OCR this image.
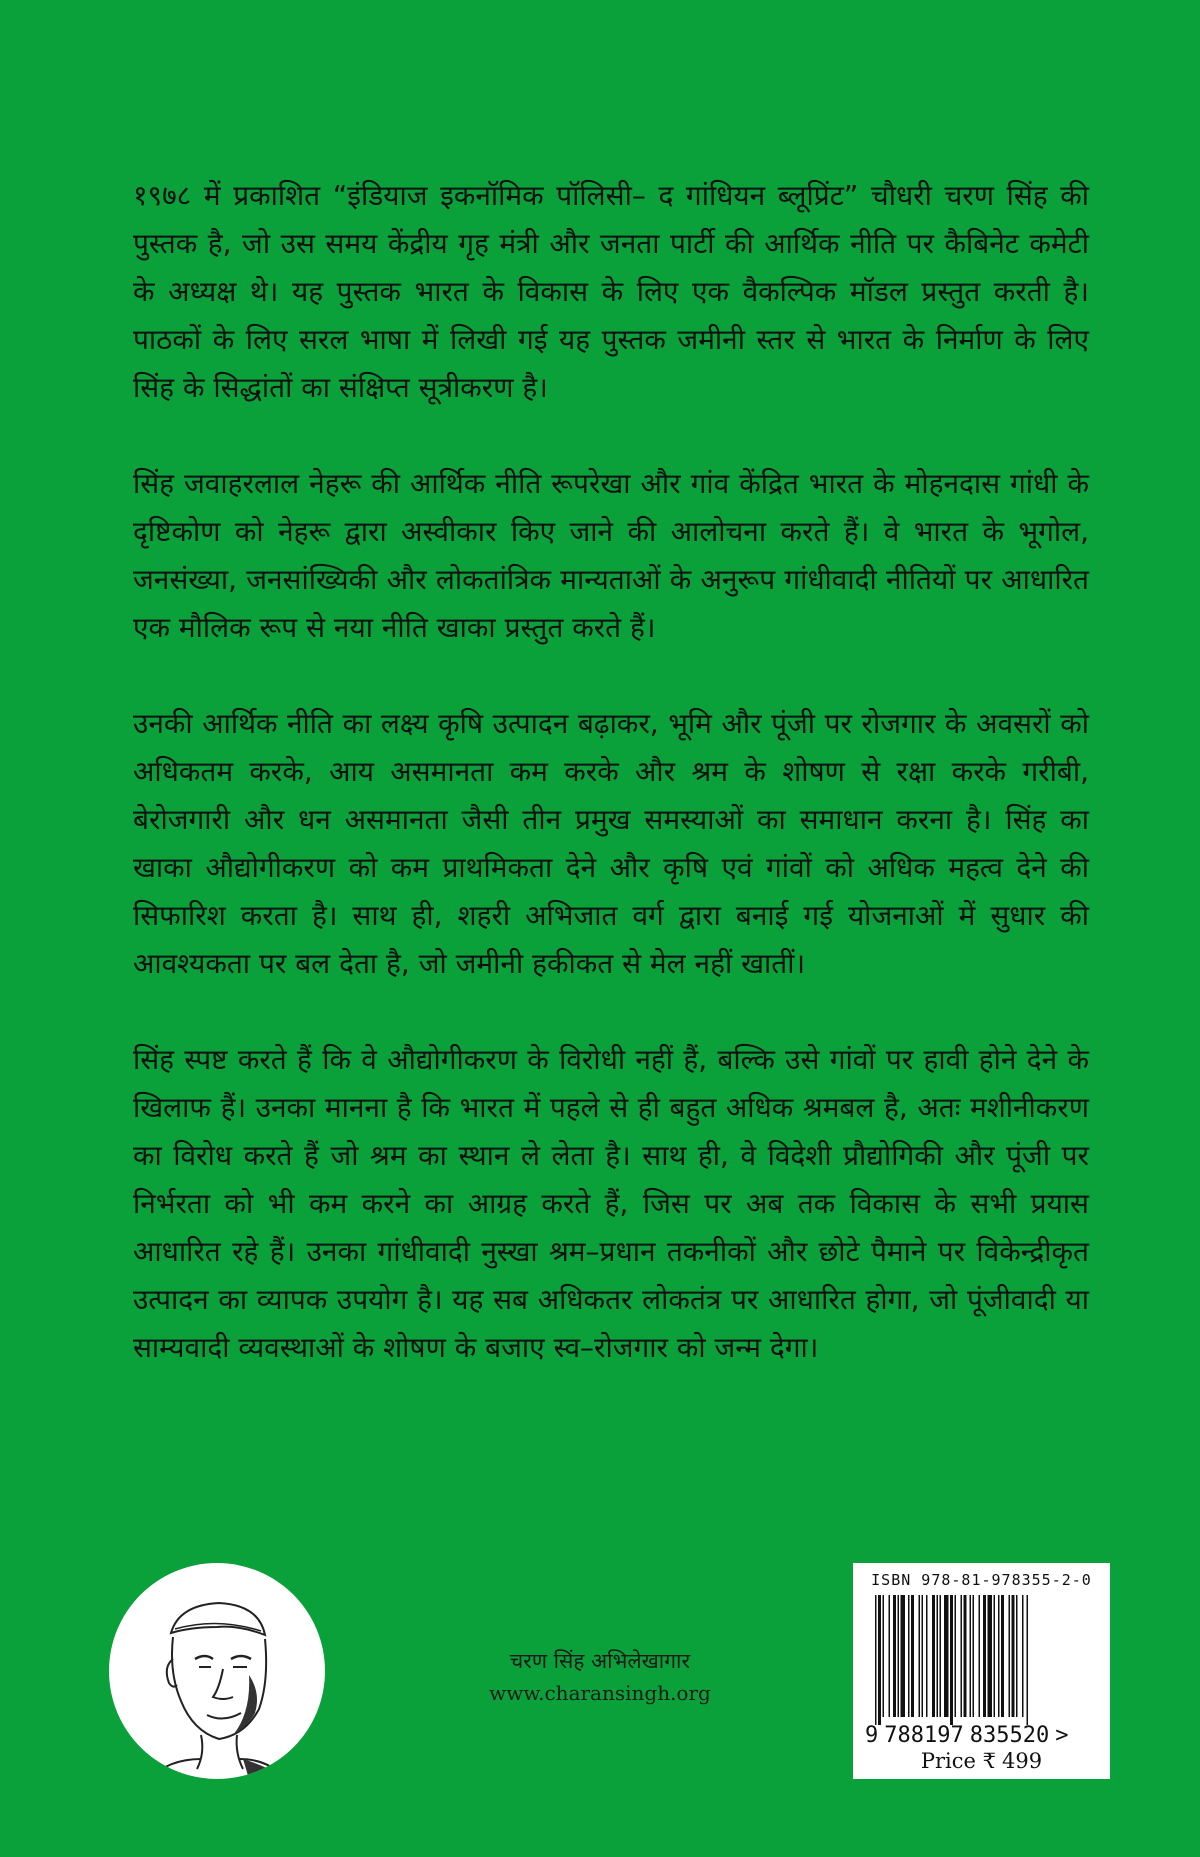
१९७८ में प्रकाशित “इंडियाज इकनॉमिक पॉलिसी– द गांधियन ब्लूप्रिंट” चौधरी चरण सिंह की पुस्तक है, जो उस समय केंद्रीय गृह मंत्री और जनता पार्टी की आर्थिक नीति पर कैबिनेट कमेटी के अध्यक्ष थे। यह पुस्तक भारत के विकास के लिए एक वैकल्पिक मॉडल प्रस्तुत करती है। पाठकों के लिए सरल भाषा में लिखी गई यह पुस्तक जमीनी स्तर से भारत के निर्माण के लिए सिंह के सिद्धांतों का संक्षिप्त सूत्रीकरण है।

सिंह जवाहरलाल नेहरू की आर्थिक नीति रूपरेखा और गांव केंद्रित भारत के मोहनदास गांधी के दृष्टिकोण को नेहरू द्वारा अस्वीकार किए जाने की आलोचना करते हैं। वे भारत के भूगोल, जनसंख्या, जनसांख्यिकी और लोकतांत्रिक मान्यताओं के अनुरूप गांधीवादी नीतियों पर आधारित एक मौलिक रूप से नया नीति खाका प्रस्तुत करते हैं।

उनकी आर्थिक नीति का लक्ष्य कृषि उत्पादन बढ़ाकर, भूमि और पूंजी पर रोजगार के अवसरों को अधिकतम करके, आय असमानता कम करके और श्रम के शोषण से रक्षा करके गरीबी, बेरोजगारी और धन असमानता जैसी तीन प्रमुख समस्याओं का समाधान करना है। सिंह का खाका औद्योगीकरण को कम प्राथमिकता देने और कृषि एवं गांवों को अधिक महत्व देने की सिफारिश करता है। साथ ही, शहरी अभिजात वर्ग द्वारा बनाई गई योजनाओं में सुधार की आवश्यकता पर बल देता है, जो जमीनी हकीकत से मेल नहीं खातीं।

सिंह स्पष्ट करते हैं कि वे औद्योगीकरण के विरोधी नहीं हैं, बल्कि उसे गांवों पर हावी होने देने के खिलाफ हैं। उनका मानना है कि भारत में पहले से ही बहुत अधिक श्रमबल है, अतः मशीनीकरण का विरोध करते हैं जो श्रम का स्थान ले लेता है। साथ ही, वे विदेशी प्रौद्योगिकी और पूंजी पर निर्भरता को भी कम करने का आग्रह करते हैं, जिस पर अब तक विकास के सभी प्रयास आधारित रहे हैं। उनका गांधीवादी नुस्खा श्रम–प्रधान तकनीकों और छोटे पैमाने पर विकेन्द्रीकृत उत्पादन का व्यापक उपयोग है। यह सब अधिकतर लोकतंत्र पर आधारित होगा, जो पूंजीवादी या साम्यवादी व्यवस्थाओं के शोषण के बजाए स्व–रोजगार को जन्म देगा।

चरण सिंह अभिलेखागार
www.charansingh.org
ISBN 978-81-978355-2-0
9 788197 835520 >
Price ₹ 499
